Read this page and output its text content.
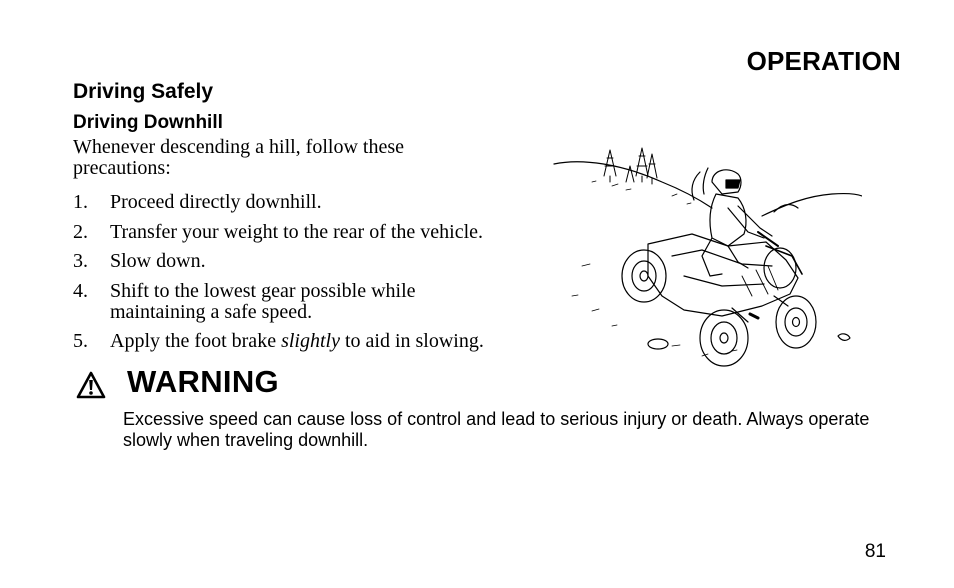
OPERATION
Driving Safely
Driving Downhill
Whenever descending a hill, follow these precautions:
1. Proceed directly downhill.
2. Transfer your weight to the rear of the vehicle.
3. Slow down.
4. Shift to the lowest gear possible while maintaining a safe speed.
5. Apply the foot brake slightly to aid in slowing.
WARNING
Excessive speed can cause loss of control and lead to serious injury or death. Always operate slowly when traveling downhill.
81
